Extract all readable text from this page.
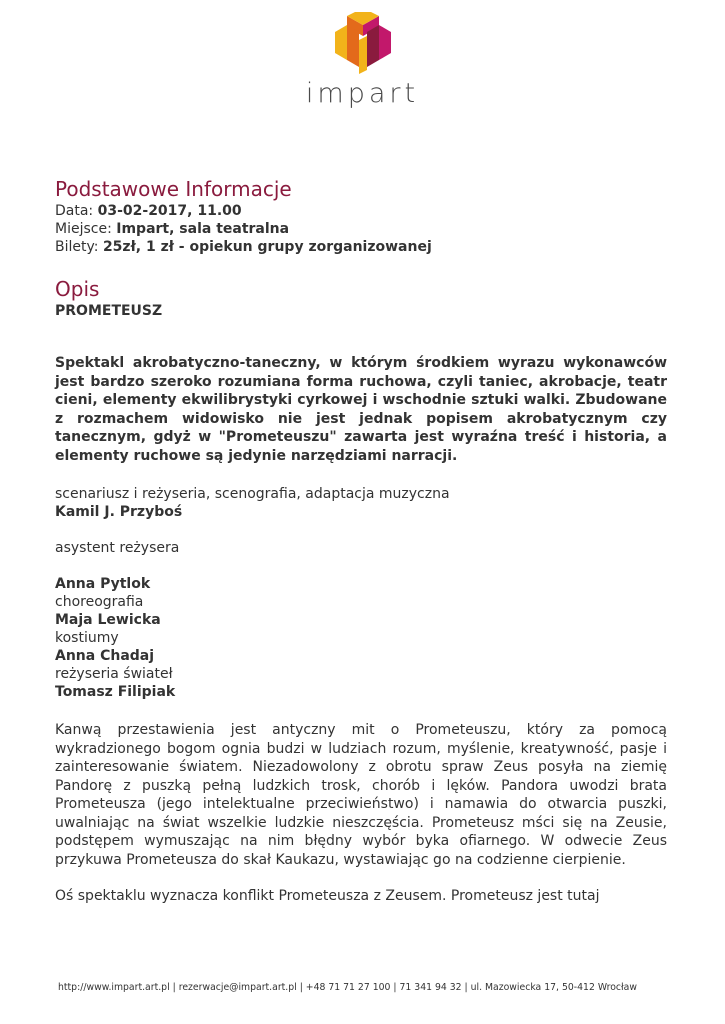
impart
Podstawowe Informacje
Data: 03-02-2017, 11.00
Miejsce: Impart, sala teatralna
Bilety: 25zł, 1 zł - opiekun grupy zorganizowanej
Opis
PROMETEUSZ

Spektakl akrobatyczno-taneczny, w którym środkiem wyrazu wykonawców jest bardzo szeroko rozumiana forma ruchowa, czyli taniec, akrobacje, teatr cieni, elementy ekwilibrystyki cyrkowej i wschodnie sztuki walki. Zbudowane z rozmachem widowisko nie jest jednak popisem akrobatycznym czy tanecznym, gdyż w "Prometeuszu" zawarta jest wyraźna treść i historia, a elementy ruchowe są jedynie narzędziami narracji.

scenariusz i reżyseria, scenografia, adaptacja muzyczna
Kamil J. Przyboś
asystent reżysera
Anna Pytlok
choreografia
Maja Lewicka
kostiumy
Anna Chadaj
reżyseria świateł
Tomasz Filipiak

Kanwą przestawienia jest antyczny mit o Prometeuszu, który za pomocą wykradzionego bogom ognia budzi w ludziach rozum, myślenie, kreatywność, pasje i zainteresowanie światem. Niezadowolony z obrotu spraw Zeus posyła na ziemię Pandorę z puszką pełną ludzkich trosk, chorób i lęków. Pandora uwodzi brata Prometeusza (jego intelektualne przeciwieństwo) i namawia do otwarcia puszki, uwalniając na świat wszelkie ludzkie nieszczęścia. Prometeusz mści się na Zeusie, podstępem wymuszając na nim błędny wybór byka ofiarnego. W odwecie Zeus przykuwa Prometeusza do skał Kaukazu, wystawiając go na codzienne cierpienie.

Oś spektaklu wyznacza konflikt Prometeusza z Zeusem. Prometeusz jest tutaj

http://www.impart.art.pl | rezerwacje@impart.art.pl | +48 71 71 27 100 | 71 341 94 32 | ul. Mazowiecka 17, 50-412 Wrocław
